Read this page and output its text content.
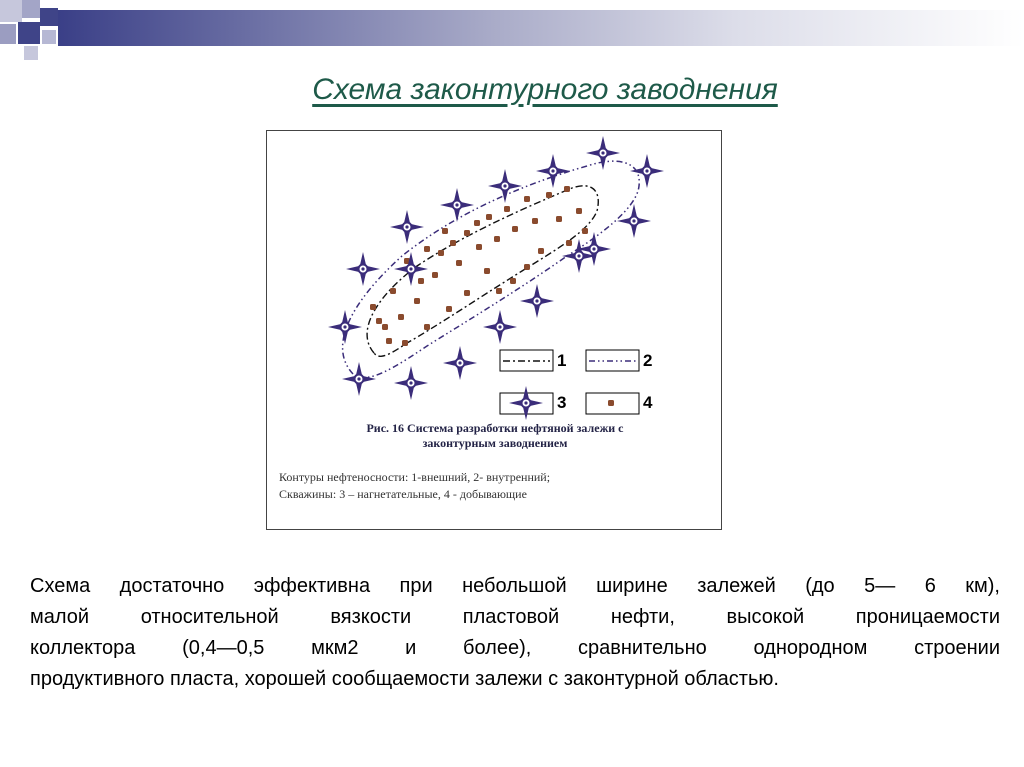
Схема законтурного заводнения
1	2
3	4
Рис. 16 Система разработки нефтяной залежи с
законтурным заводнением
Контуры нефтеносности: 1-внешний, 2- внутренний;
Скважины: 3 – нагнетательные, 4 - добывающие
Схема достаточно эффективна при небольшой ширине залежей (до 5— 6 км),
малой относительной вязкости пластовой нефти, высокой проницаемости
коллектора (0,4—0,5 мкм2 и более), сравнительно однородном строении
продуктивного пласта, хорошей сообщаемости залежи с законтурной областью.
